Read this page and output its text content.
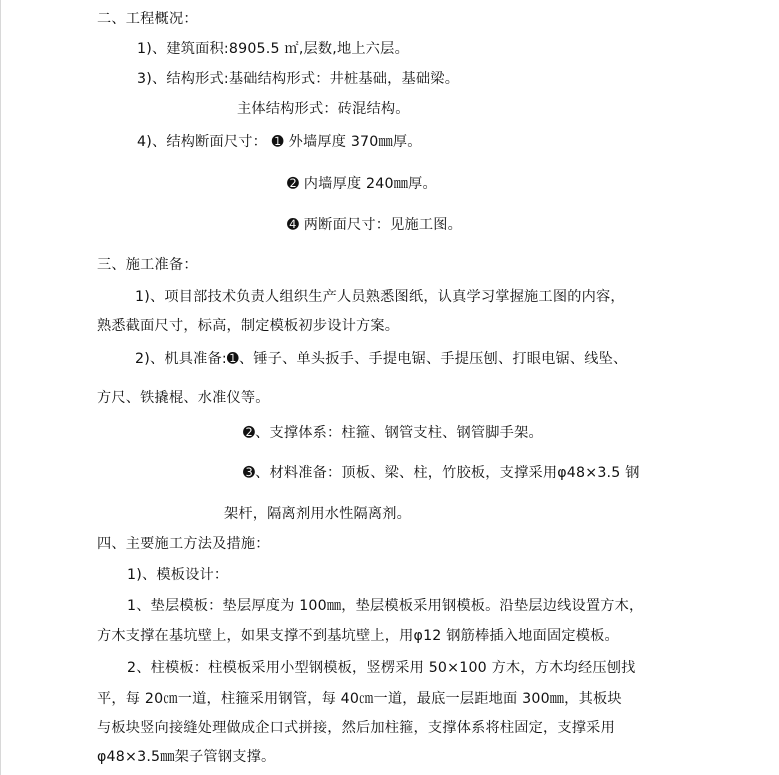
二、工程概况：
1)、建筑面积:8905.5 ㎡,层数,地上六层。
3)、结构形式:基础结构形式：井桩基础，基础梁。
主体结构形式：砖混结构。
4)、结构断面尺寸： ➊ 外墙厚度 370㎜厚。
➋ 内墙厚度 240㎜厚。
➍ 两断面尺寸：见施工图。
三、施工准备：
1)、项目部技术负责人组织生产人员熟悉图纸，认真学习掌握施工图的内容，
熟悉截面尺寸，标高，制定模板初步设计方案。
2)、机具准备:➊、锤子、单头扳手、手提电锯、手提压刨、打眼电锯、线坠、
方尺、铁撬棍、水准仪等。
➋、支撑体系：柱箍、钢管支柱、钢管脚手架。
➌、材料准备：顶板、梁、柱，竹胶板，支撑采用φ48×3.5 钢
架杆，隔离剂用水性隔离剂。
四、主要施工方法及措施：
1)、模板设计：
1、垫层模板：垫层厚度为 100㎜，垫层模板采用钢模板。沿垫层边线设置方木，
方木支撑在基坑壁上，如果支撑不到基坑壁上，用φ12 钢筋棒插入地面固定模板。
2、柱模板：柱模板采用小型钢模板，竖楞采用 50×100 方木，方木均经压刨找
平，每 20㎝一道，柱箍采用钢管，每 40㎝一道，最底一层距地面 300㎜，其板块
与板块竖向接缝处理做成企口式拼接，然后加柱箍，支撑体系将柱固定，支撑采用
φ48×3.5㎜架子管钢支撑。
